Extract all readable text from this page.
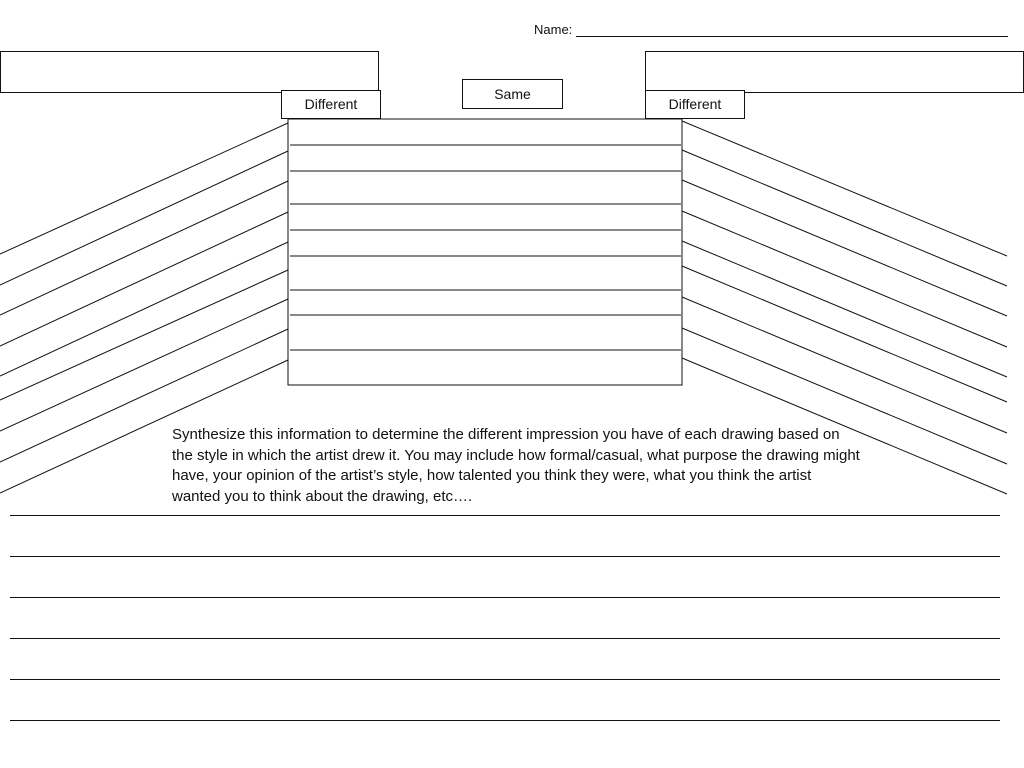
Name:
Different
Same
Different
Synthesize this information to determine the different impression you have of each drawing based on the style in which the artist drew it. You may include how formal/casual, what purpose the drawing might have, your opinion of the artist’s style, how talented you think they were, what you think the artist wanted you to think about the drawing, etc….
